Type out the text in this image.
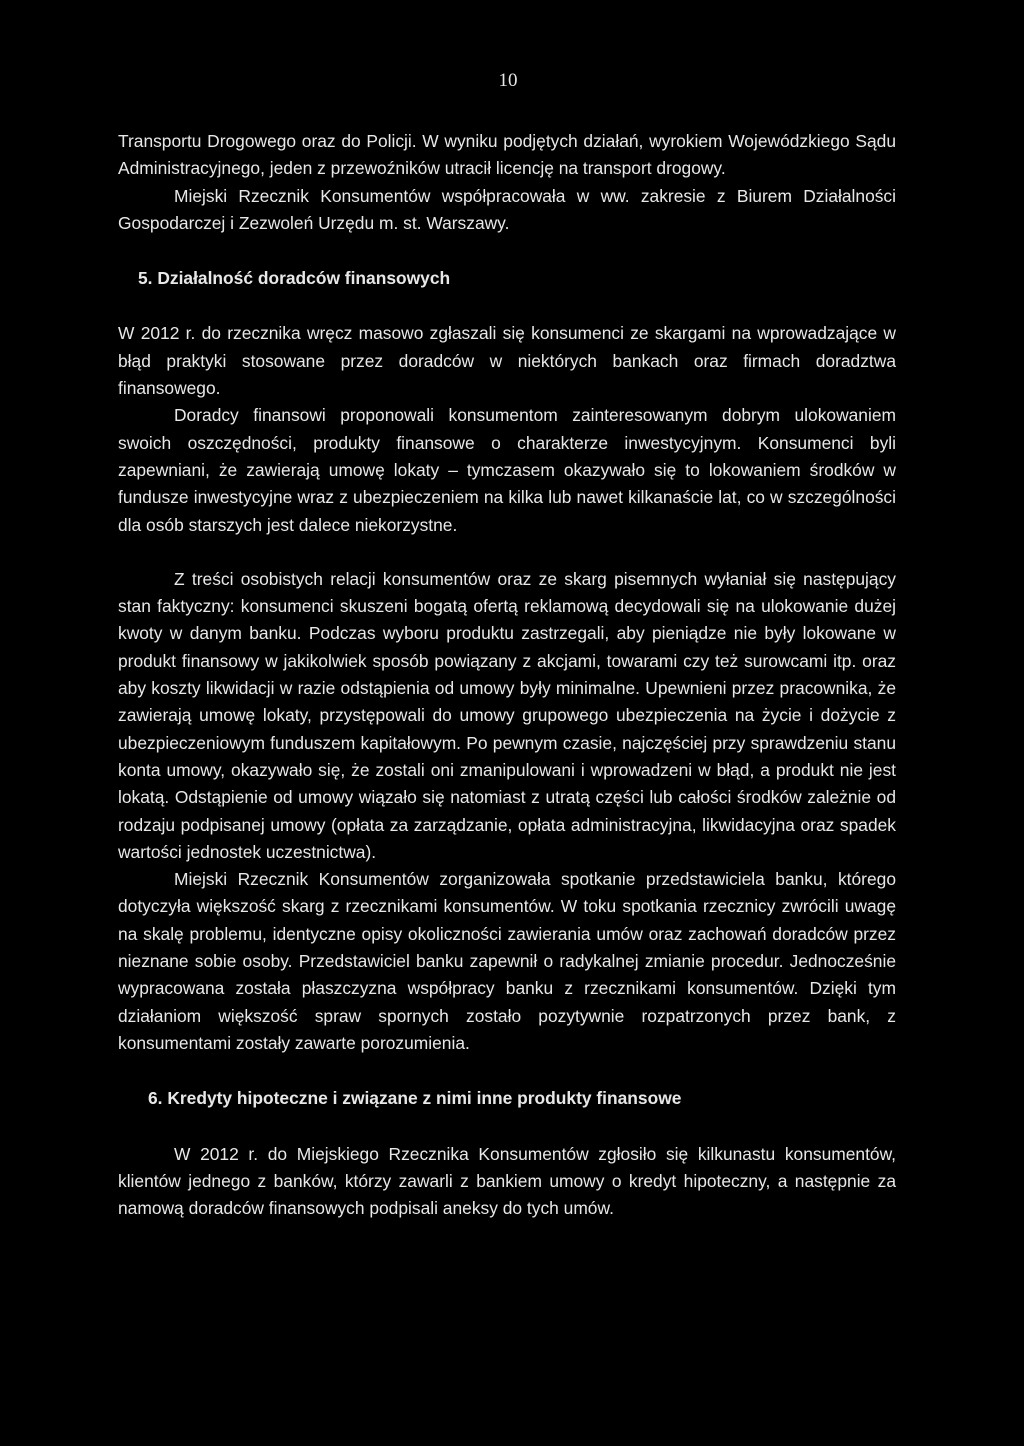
10

Transportu Drogowego oraz do Policji. W wyniku podjętych działań, wyrokiem Wojewódzkiego Sądu Administracyjnego, jeden z przewoźników utracił licencję na transport drogowy.

Miejski Rzecznik Konsumentów współpracowała w ww. zakresie z Biurem Działalności Gospodarczej i Zezwoleń Urzędu m. st. Warszawy.

5. Działalność doradców finansowych

W 2012 r. do rzecznika wręcz masowo zgłaszali się konsumenci ze skargami na wprowadzające w błąd praktyki stosowane przez doradców w niektórych bankach oraz firmach doradztwa finansowego.

Doradcy finansowi proponowali konsumentom zainteresowanym dobrym ulokowaniem swoich oszczędności, produkty finansowe o charakterze inwestycyjnym. Konsumenci byli zapewniani, że zawierają umowę lokaty – tymczasem okazywało się to lokowaniem środków w fundusze inwestycyjne wraz z ubezpieczeniem na kilka lub nawet kilkanaście lat, co w szczególności dla osób starszych jest dalece niekorzystne.

Z treści osobistych relacji konsumentów oraz ze skarg pisemnych wyłaniał się następujący stan faktyczny: konsumenci skuszeni bogatą ofertą reklamową decydowali się na ulokowanie dużej kwoty w danym banku. Podczas wyboru produktu zastrzegali, aby pieniądze nie były lokowane w produkt finansowy w jakikolwiek sposób powiązany z akcjami, towarami czy też surowcami itp. oraz aby koszty likwidacji w razie odstąpienia od umowy były minimalne. Upewnieni przez pracownika, że zawierają umowę lokaty, przystępowali do umowy grupowego ubezpieczenia na życie i dożycie z ubezpieczeniowym funduszem kapitałowym. Po pewnym czasie, najczęściej przy sprawdzeniu stanu konta umowy, okazywało się, że zostali oni zmanipulowani i wprowadzeni w błąd, a produkt nie jest lokatą. Odstąpienie od umowy wiązało się natomiast z utratą części lub całości środków zależnie od rodzaju podpisanej umowy (opłata za zarządzanie, opłata administracyjna, likwidacyjna oraz spadek wartości jednostek uczestnictwa).

Miejski Rzecznik Konsumentów zorganizowała spotkanie przedstawiciela banku, którego dotyczyła większość skarg z rzecznikami konsumentów. W toku spotkania rzecznicy zwrócili uwagę na skalę problemu, identyczne opisy okoliczności zawierania umów oraz zachowań doradców przez nieznane sobie osoby. Przedstawiciel banku zapewnił o radykalnej zmianie procedur. Jednocześnie wypracowana została płaszczyzna współpracy banku z rzecznikami konsumentów. Dzięki tym działaniom większość spraw spornych zostało pozytywnie rozpatrzonych przez bank, z konsumentami zostały zawarte porozumienia.

6. Kredyty hipoteczne i związane z nimi inne produkty finansowe

W 2012 r. do Miejskiego Rzecznika Konsumentów zgłosiło się kilkunastu konsumentów, klientów jednego z banków, którzy zawarli z bankiem umowy o kredyt hipoteczny, a następnie za namową doradców finansowych podpisali aneksy do tych umów.
